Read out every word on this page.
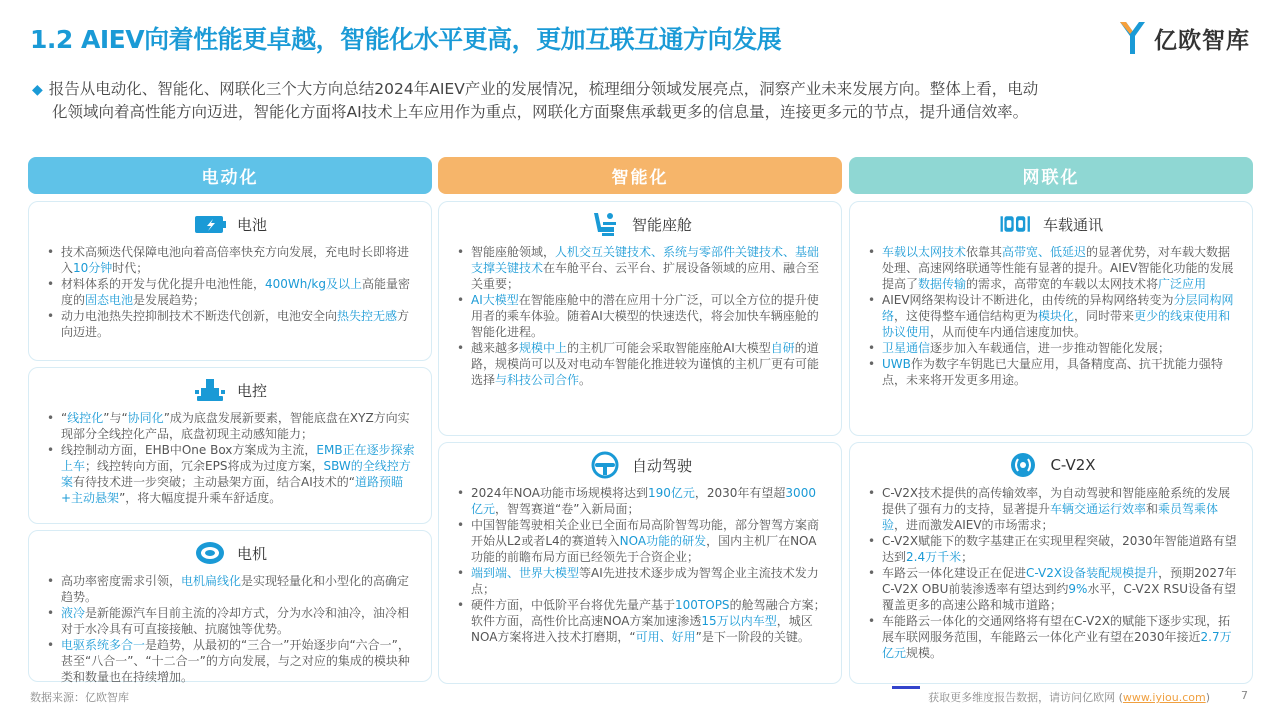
1.2 AIEV向着性能更卓越，智能化水平更高，更加互联互通方向发展	亿欧智库
◆ 报告从电动化、智能化、网联化三个大方向总结2024年AIEV产业的发展情况，梳理细分领域发展亮点，洞察产业未来发展方向。整体上看，电动
化领域向着高性能方向迈进，智能化方面将AI技术上车应用作为重点，网联化方面聚焦承载更多的信息量，连接更多元的节点，提升通信效率。
电动化	智能化	网联化
电池
• 技术高频迭代保障电池向着高倍率快充方向发展，充电时长即将进入10分钟时代；
• 材料体系的开发与优化提升电池性能，400Wh/kg及以上高能量密度的固态电池是发展趋势；
• 动力电池热失控抑制技术不断迭代创新，电池安全向热失控无感方向迈进。
电控
• “线控化”与“协同化”成为底盘发展新要素，智能底盘在XYZ方向实现部分全线控化产品，底盘初现主动感知能力；
• 线控制动方面，EHB中One Box方案成为主流，EMB正在逐步探索上车；线控转向方面，冗余EPS将成为过度方案，SBW的全线控方案有待技术进一步突破；主动悬架方面，结合AI技术的“道路预瞄+主动悬架”，将大幅度提升乘车舒适度。
电机
• 高功率密度需求引领，电机扁线化是实现轻量化和小型化的高确定趋势。
• 液冷是新能源汽车目前主流的冷却方式，分为水冷和油冷，油冷相对于水冷具有可直接接触、抗腐蚀等优势。
• 电驱系统多合一是趋势，从最初的“三合一”开始逐步向“六合一”，甚至“八合一”、“十二合一”的方向发展，与之对应的集成的模块种类和数量也在持续增加。
智能座舱
• 智能座舱领域，人机交互关键技术、系统与零部件关键技术、基础支撑关键技术在车舱平台、云平台、扩展设备领域的应用、融合至关重要；
• AI大模型在智能座舱中的潜在应用十分广泛，可以全方位的提升使用者的乘车体验。随着AI大模型的快速迭代，将会加快车辆座舱的智能化进程。
• 越来越多规模中上的主机厂可能会采取智能座舱AI大模型自研的道路，规模尚可以及对电动车智能化推进较为谨慎的主机厂更有可能选择与科技公司合作。
自动驾驶
• 2024年NOA功能市场规模将达到190亿元，2030年有望超3000亿元，智驾赛道“卷”入新局面；
• 中国智能驾驶相关企业已全面布局高阶智驾功能，部分智驾方案商开始从L2或者L4的赛道转入NOA功能的研发，国内主机厂在NOA功能的前瞻布局方面已经领先于合资企业；
• 端到端、世界大模型等AI先进技术逐步成为智驾企业主流技术发力点；
• 硬件方面，中低阶平台将优先量产基于100TOPS的舱驾融合方案；软件方面，高性价比高速NOA方案加速渗透15万以内车型，城区NOA方案将进入技术打磨期，“可用、好用”是下一阶段的关键。
车载通讯
• 车载以太网技术依靠其高带宽、低延迟的显著优势，对车载大数据处理、高速网络联通等性能有显著的提升。AIEV智能化功能的发展提高了数据传输的需求，高带宽的车载以太网技术将广泛应用
• AIEV网络架构设计不断进化，由传统的异构网络转变为分层同构网络，这使得整车通信结构更为模块化，同时带来更少的线束使用和协议使用，从而使车内通信速度加快。
• 卫星通信逐步加入车载通信，进一步推动智能化发展；
• UWB作为数字车钥匙已大量应用，具备精度高、抗干扰能力强特点，未来将开发更多用途。
C-V2X
• C-V2X技术提供的高传输效率，为自动驾驶和智能座舱系统的发展提供了强有力的支持，显著提升车辆交通运行效率和乘员驾乘体验，进而激发AIEV的市场需求；
• C-V2X赋能下的数字基建正在实现里程突破，2030年智能道路有望达到2.4万千米；
• 车路云一体化建设正在促进C-V2X设备装配规模提升，预期2027年C-V2X OBU前装渗透率有望达到约9%水平，C-V2X RSU设备有望覆盖更多的高速公路和城市道路；
• 车能路云一体化的交通网络将有望在C-V2X的赋能下逐步实现，拓展车联网服务范围，车能路云一体化产业有望在2030年接近2.7万亿元规模。
数据来源：亿欧智库	获取更多维度报告数据，请访问亿欧网 (www.iyiou.com)	7
